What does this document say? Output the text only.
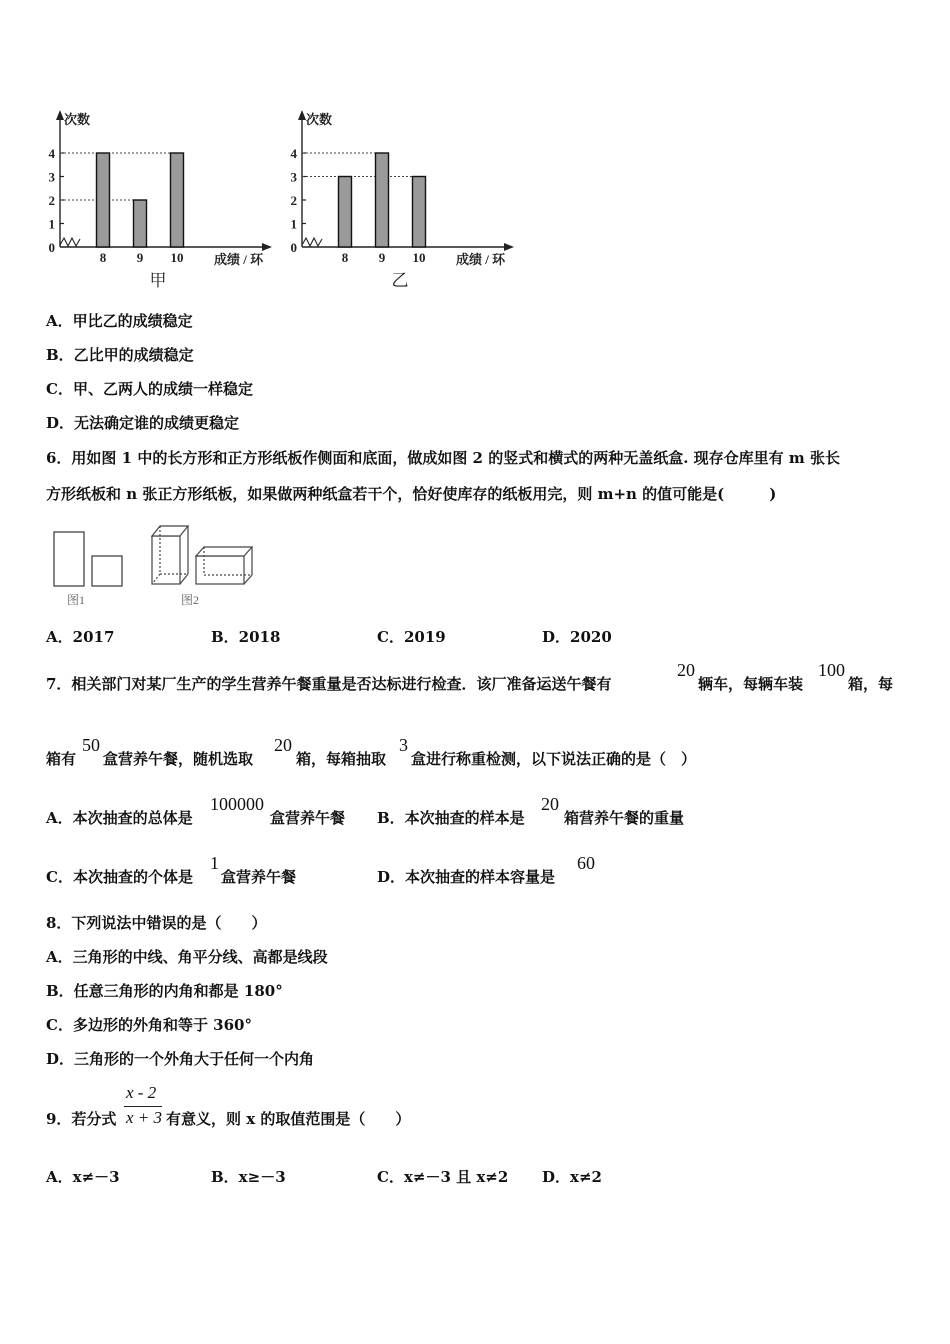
0
1
2
3
4
次数
8 9 10 成绩 / 环
甲
0
1
2
3
4
次数
8 9 10 成绩 / 环
乙
A．甲比乙的成绩稳定
B．乙比甲的成绩稳定
C．甲、乙两人的成绩一样稳定
D．无法确定谁的成绩更稳定
6．用如图 1 中的长方形和正方形纸板作侧面和底面，做成如图 2 的竖式和横式的两种无盖纸盒. 现存仓库里有 m 张长
方形纸板和 n 张正方形纸板，如果做两种纸盒若干个，恰好使库存的纸板用完，则 m+n 的值可能是(　　　)
图1	图2
A．2017	B．2018	C．2019	D．2020
7．相关部门对某厂生产的学生营养午餐重量是否达标进行检查．该厂准备运送午餐有
20
辆车，每辆车装
100
箱，每
箱有
50
盒营养午餐，随机选取
20
箱，每箱抽取
3
盒进行称重检测，以下说法正确的是（　）
A．本次抽查的总体是
100000
盒营养午餐 B．本次抽查的样本是
20
箱营养午餐的重量
C．本次抽查的个体是
1
盒营养午餐	D．本次抽查的样本容量是
60
8．下列说法中错误的是（　　）
A．三角形的中线、角平分线、高都是线段
B．任意三角形的内角和都是 180°
C．多边形的外角和等于 360°
D．三角形的一个外角大于任何一个内角
9．若分式
x - 2
x + 3 有意义，则 x 的取值范围是（　　）
A．x≠－3	B．x≥－3	C．x≠－3 且 x≠2 D．x≠2
